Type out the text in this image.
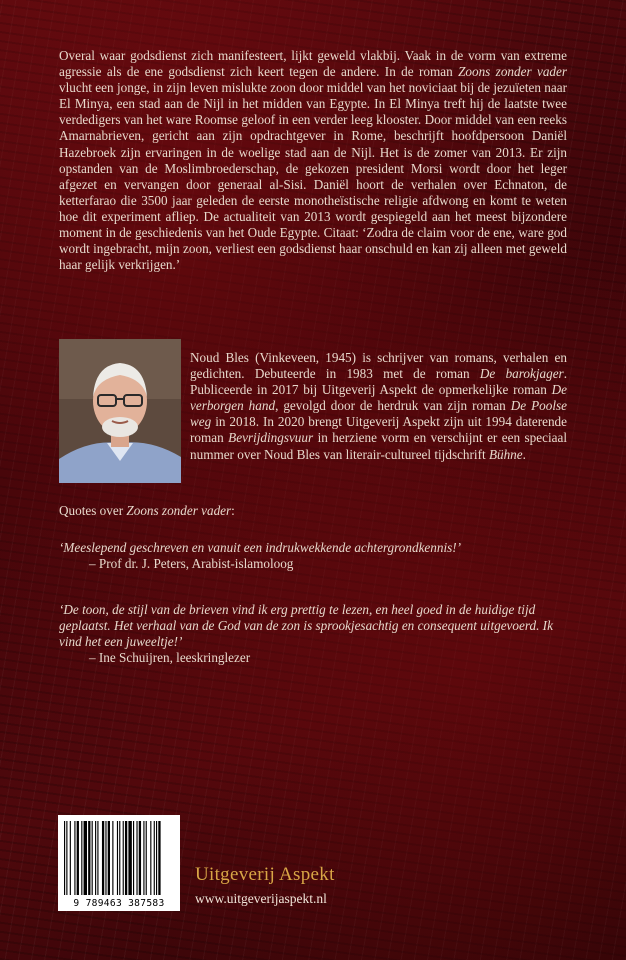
Overal waar godsdienst zich manifesteert, lijkt geweld vlakbij. Vaak in de vorm van extreme agressie als de ene godsdienst zich keert tegen de andere. In de roman Zoons zonder vader vlucht een jonge, in zijn leven mislukte zoon door middel van het noviciaat bij de jezuïeten naar El Minya, een stad aan de Nijl in het midden van Egypte. In El Minya treft hij de laatste twee verdedigers van het ware Roomse geloof in een verder leeg klooster. Door middel van een reeks Amarnabrieven, gericht aan zijn opdrachtgever in Rome, beschrijft hoofdpersoon Daniël Hazebroek zijn ervaringen in de woelige stad aan de Nijl. Het is de zomer van 2013. Er zijn opstanden van de Moslimbroederschap, de gekozen president Morsi wordt door het leger afgezet en vervangen door generaal al-Sisi. Daniël hoort de verhalen over Echnaton, de ketterfarao die 3500 jaar geleden de eerste monotheïstische religie afdwong en komt te weten hoe dit experiment afliep. De actualiteit van 2013 wordt gespiegeld aan het meest bijzondere moment in de geschiedenis van het Oude Egypte. Citaat: ‘Zodra de claim voor de ene, ware god wordt ingebracht, mijn zoon, verliest een godsdienst haar onschuld en kan zij alleen met geweld haar gelijk verkrijgen.’

Noud Bles (Vinkeveen, 1945) is schrijver van romans, verhalen en gedichten. Debuteerde in 1983 met de roman De barokjager. Publiceerde in 2017 bij Uitgeverij Aspekt de opmerkelijke roman De verborgen hand, gevolgd door de herdruk van zijn roman De Poolse weg in 2018. In 2020 brengt Uitgeverij Aspekt zijn uit 1994 daterende roman Bevrijdingsvuur in herziene vorm en verschijnt er een speciaal nummer over Noud Bles van literair-cultureel tijdschrift Bühne.

Quotes over Zoons zonder vader:
‘Meeslepend geschreven en vanuit een indrukwekkende achtergrondkennis!’
– Prof dr. J. Peters, Arabist-islamoloog
‘De toon, de stijl van de brieven vind ik erg prettig te lezen, en heel goed in de huidige tijd geplaatst. Het verhaal van de God van de zon is sprookjesachtig en consequent uitgevoerd. Ik vind het een juweeltje!’
– Ine Schuijren, leeskringlezer
9 789463 387583
Uitgeverij Aspekt
www.uitgeverijaspekt.nl
